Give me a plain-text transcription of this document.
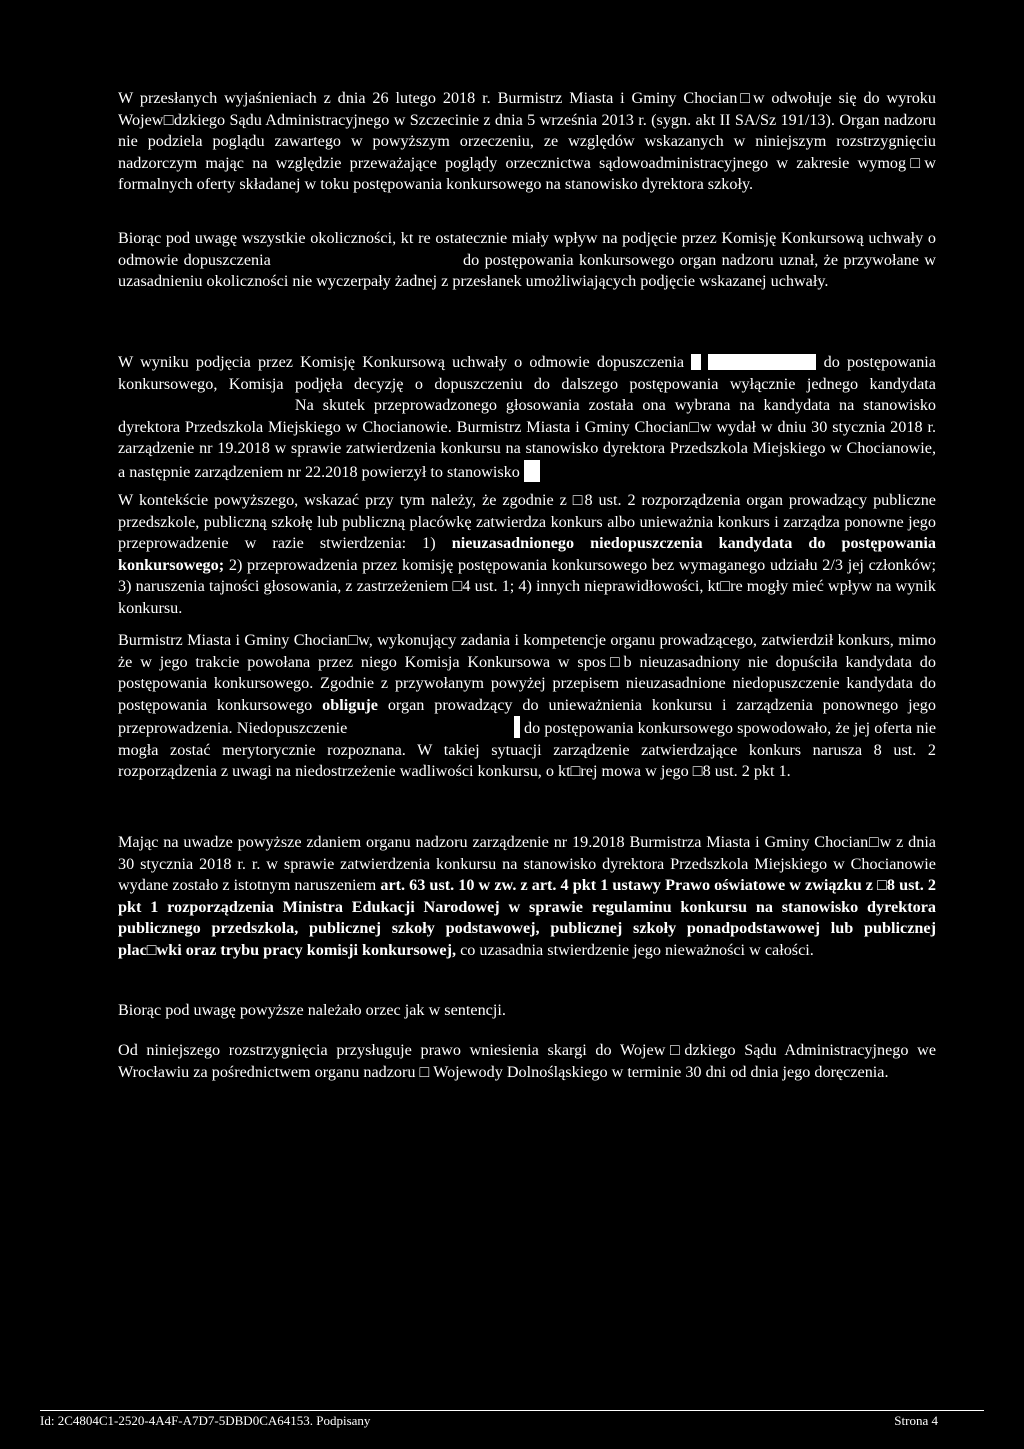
W przesłanych wyjaśnieniach z dnia 26 lutego 2018 r. Burmistrz Miasta i Gminy Chocian□w odwołuje się do wyroku Wojew□dzkiego Sądu Administracyjnego w Szczecinie z dnia 5 września 2013 r. (sygn. akt II SA/Sz 191/13). Organ nadzoru nie podziela poglądu zawartego w powyższym orzeczeniu, ze względów wskazanych w niniejszym rozstrzygnięciu nadzorczym mając na względzie przeważające poglądy orzecznictwa sądowoadministracyjnego w zakresie wymog□w formalnych oferty składanej w toku postępowania konkursowego na stanowisko dyrektora szkoły.

Biorąc pod uwagę wszystkie okoliczności, kt re ostatecznie miały wpływ na podjęcie przez Komisję Konkursową uchwały o odmowie dopuszczenia	do postępowania konkursowego organ nadzoru uznał, że przywołane w uzasadnieniu okoliczności nie wyczerpały żadnej z przesłanek umożliwiających podjęcie wskazanej uchwały.

W wyniku podjęcia przez Komisję Konkursową uchwały o odmowie dopuszczenia	do postępowania konkursowego, Komisja podjęła decyzję o dopuszczeniu do dalszego postępowania wyłącznie jednego kandydata  Na skutek przeprowadzonego głosowania została ona wybrana na kandydata na stanowisko dyrektora Przedszkola Miejskiego w Chocianowie. Burmistrz Miasta i Gminy Chocian□w wydał w dniu 30 stycznia 2018 r. zarządzenie nr 19.2018 w sprawie zatwierdzenia konkursu na stanowisko dyrektora Przedszkola Miejskiego w Chocianowie, a następnie zarządzeniem nr 22.2018 powierzył to stanowisko

W kontekście powyższego, wskazać przy tym należy, że zgodnie z □8 ust. 2 rozporządzenia organ prowadzący publiczne przedszkole, publiczną szkołę lub publiczną placówkę zatwierdza konkurs albo unieważnia konkurs i zarządza ponowne jego przeprowadzenie w razie stwierdzenia: 1) nieuzasadnionego niedopuszczenia kandydata do postępowania konkursowego; 2) przeprowadzenia przez komisję postępowania konkursowego bez wymaganego udziału 2/3 jej członków; 3) naruszenia tajności głosowania, z zastrzeżeniem □4 ust. 1; 4) innych nieprawidłowości, kt□re mogły mieć wpływ na wynik konkursu.

Burmistrz Miasta i Gminy Chocian□w, wykonujący zadania i kompetencje organu prowadzącego, zatwierdził konkurs, mimo że w jego trakcie powołana przez niego Komisja Konkursowa w spos□b nieuzasadniony nie dopuściła kandydata do postępowania konkursowego. Zgodnie z przywołanym powyżej przepisem nieuzasadnione niedopuszczenie kandydata do postępowania konkursowego obliguje organ prowadzący do unieważnienia konkursu i zarządzenia ponownego jego przeprowadzenia. Niedopuszczenie	do postępowania konkursowego spowodowało, że jej oferta nie mogła zostać merytorycznie rozpoznana. W takiej sytuacji zarządzenie zatwierdzające konkurs narusza 8 ust. 2 rozporządzenia z uwagi na niedostrzeżenie wadliwości konkursu, o kt□rej mowa w jego □8 ust. 2 pkt 1.

Mając na uwadze powyższe zdaniem organu nadzoru zarządzenie nr 19.2018 Burmistrza Miasta i Gminy Chocian□w z dnia 30 stycznia 2018 r. r. w sprawie zatwierdzenia konkursu na stanowisko dyrektora Przedszkola Miejskiego w Chocianowie wydane zostało z istotnym naruszeniem art. 63 ust. 10 w zw. z art. 4 pkt 1 ustawy Prawo oświatowe w związku z □8 ust. 2 pkt 1 rozporządzenia Ministra Edukacji Narodowej w sprawie regulaminu konkursu na stanowisko dyrektora publicznego przedszkola, publicznej szkoły podstawowej, publicznej szkoły ponadpodstawowej lub publicznej plac□wki oraz trybu pracy komisji konkursowej, co uzasadnia stwierdzenie jego nieważności w całości.

Biorąc pod uwagę powyższe należało orzec jak w sentencji.

Od niniejszego rozstrzygnięcia przysługuje prawo wniesienia skargi do Wojew□dzkiego Sądu Administracyjnego we Wrocławiu za pośrednictwem organu nadzoru □ Wojewody Dolnośląskiego w terminie 30 dni od dnia jego doręczenia.

Id: 2C4804C1-2520-4A4F-A7D7-5DBD0CA64153. Podpisany	Strona 4
